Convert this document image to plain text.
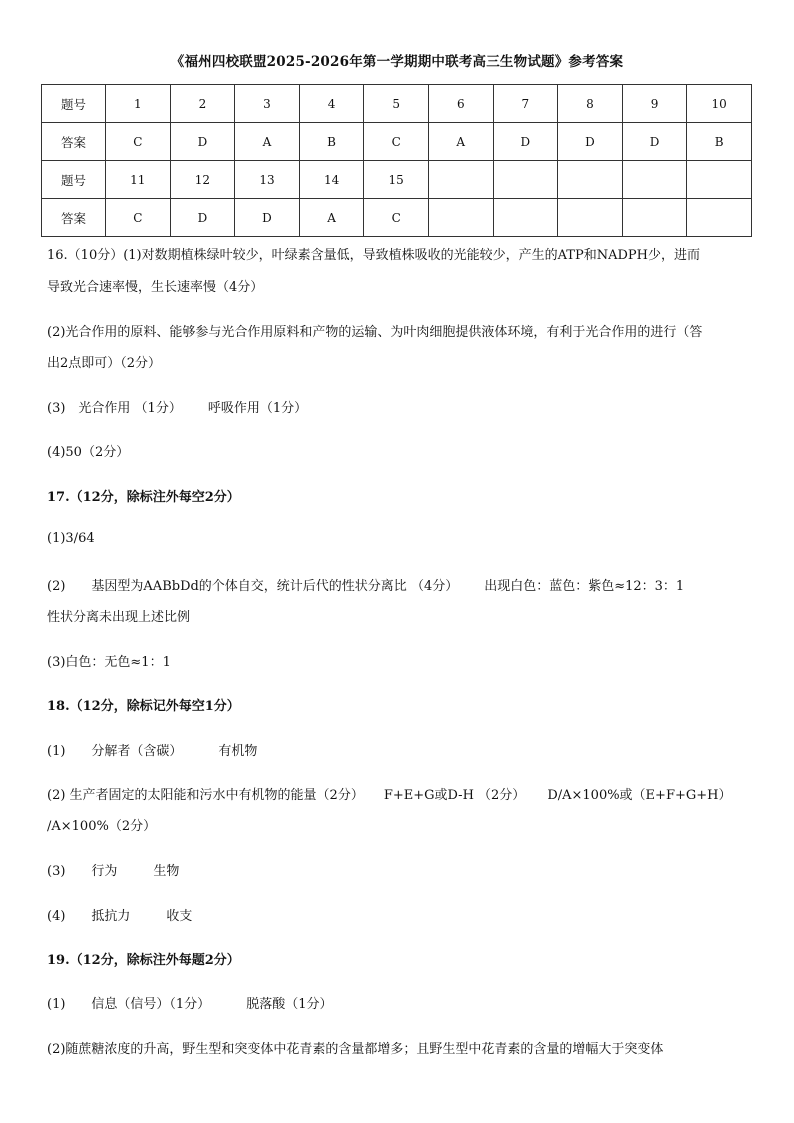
《福州四校联盟2025-2026年第一学期期中联考高三生物试题》参考答案
题号	1	2	3	4	5	6	7	8	9	10
答案	C	D	A	B	C	A	D	D	D	B
题号	11	12	13	14	15					
答案	C	D	D	A	C					
16.（10分）(1)对数期植株绿叶较少，叶绿素含量低，导致植株吸收的光能较少，产生的ATP和NADPH少，进而
导致光合速率慢，生长速率慢（4分）
(2)光合作用的原料、能够参与光合作用原料和产物的运输、为叶肉细胞提供液体环境，有利于光合作用的进行（答
出2点即可）（2分）
(3)　光合作用 （1分） 呼吸作用（1分）
(4)50（2分）
17.（12分，除标注外每空2分）
(1)3/64
(2)　　基因型为AABbDd的个体自交，统计后代的性状分离比 （4分） 出现白色：蓝色：紫色≈12：3：1
性状分离未出现上述比例
(3)白色：无色≈1：1
18.（12分，除标记外每空1分）
(1)　　分解者（含碳）	有机物
(2) 生产者固定的太阳能和污水中有机物的能量（2分） F+E+G或D-H （2分） D/A×100%或（E+F+G+H）
/A×100%（2分）
(3)　　行为	生物
(4)　　抵抗力	收支
19.（12分，除标注外每题2分）
(1)　　信息（信号）（1分）	脱落酸（1分）
(2)随蔗糖浓度的升高，野生型和突变体中花青素的含量都增多；且野生型中花青素的含量的增幅大于突变体
